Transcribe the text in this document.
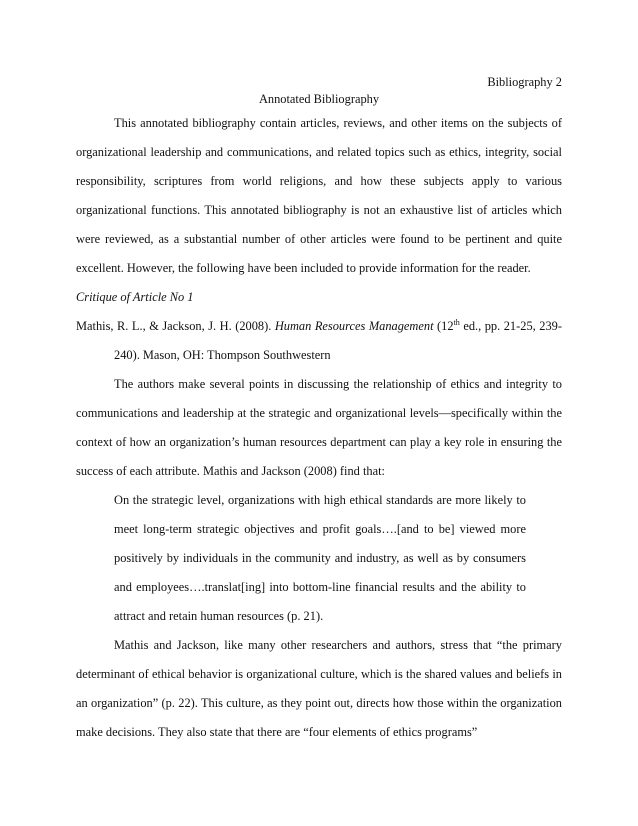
Bibliography 2
Annotated Bibliography

This annotated bibliography contain articles, reviews, and other items on the subjects of organizational leadership and communications, and related topics such as ethics, integrity, social responsibility, scriptures from world religions, and how these subjects apply to various organizational functions. This annotated bibliography is not an exhaustive list of articles which were reviewed, as a substantial number of other articles were found to be pertinent and quite excellent. However, the following have been included to provide information for the reader.

Critique of Article No 1

Mathis, R. L., & Jackson, J. H. (2008). Human Resources Management (12th ed., pp. 21-25, 239-240). Mason, OH: Thompson Southwestern

The authors make several points in discussing the relationship of ethics and integrity to communications and leadership at the strategic and organizational levels—specifically within the context of how an organization’s human resources department can play a key role in ensuring the success of each attribute. Mathis and Jackson (2008) find that:

On the strategic level, organizations with high ethical standards are more likely to
meet long-term strategic objectives and profit goals….[and to be] viewed more
positively by individuals in the community and industry, as well as by consumers
and employees….translat[ing] into bottom-line financial results and the ability to
attract and retain human resources (p. 21).

Mathis and Jackson, like many other researchers and authors, stress that “the primary determinant of ethical behavior is organizational culture, which is the shared values and beliefs in an organization” (p. 22). This culture, as they point out, directs how those within the organization make decisions. They also state that there are “four elements of ethics programs”
